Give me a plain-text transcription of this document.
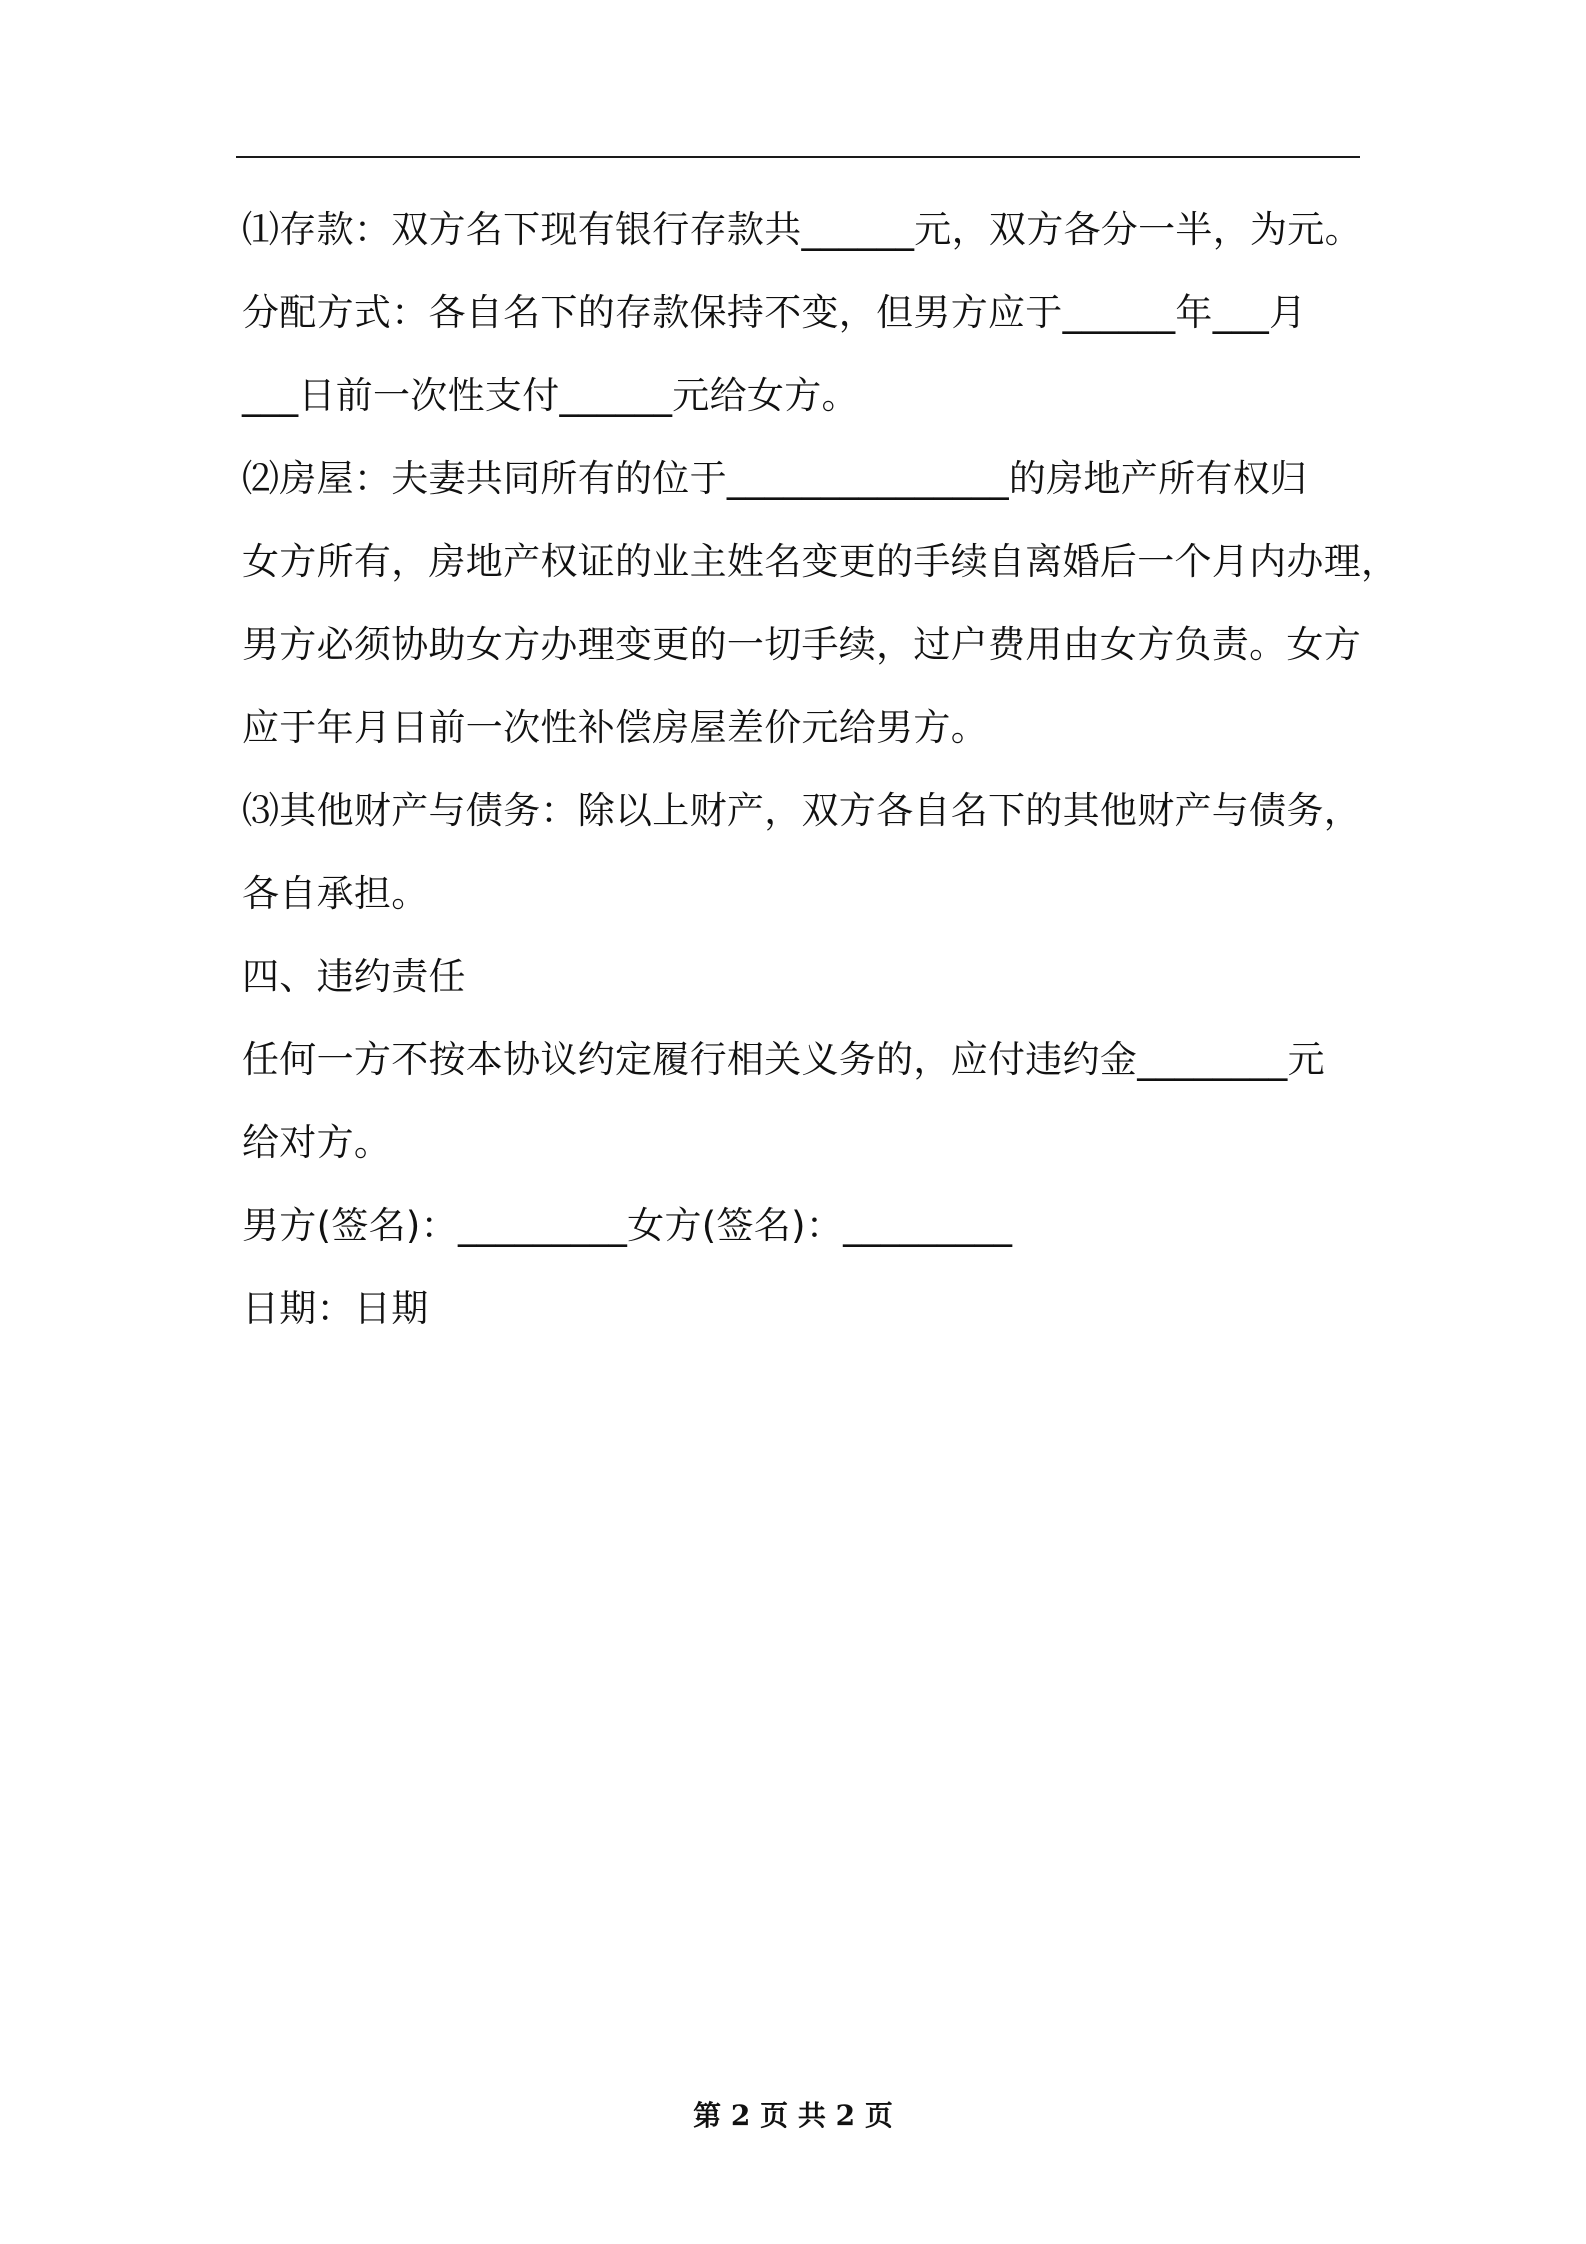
⑴存款：双方名下现有银行存款共______元，双方各分一半，为元。
分配方式：各自名下的存款保持不变，但男方应于______年___月
___日前一次性支付______元给女方。
⑵房屋：夫妻共同所有的位于_______________的房地产所有权归
女方所有，房地产权证的业主姓名变更的手续自离婚后一个月内办理，
男方必须协助女方办理变更的一切手续，过户费用由女方负责。女方
应于年月日前一次性补偿房屋差价元给男方。
⑶其他财产与债务：除以上财产，双方各自名下的其他财产与债务，
各自承担。
四、违约责任
任何一方不按本协议约定履行相关义务的，应付违约金________元
给对方。
男方(签名)：_________女方(签名)：_________
日期：日期
第 2 页 共 2 页
